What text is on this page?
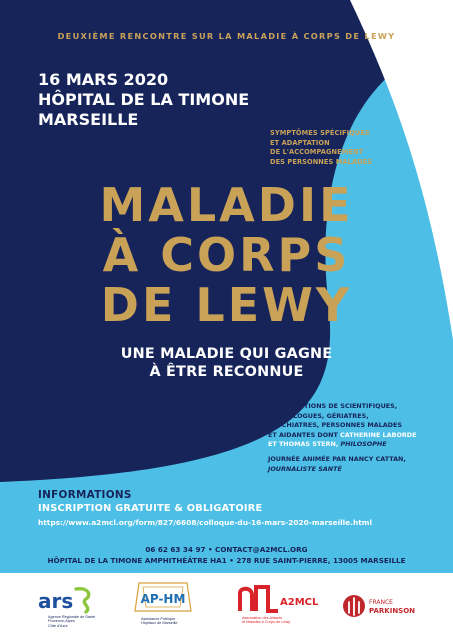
DEUXIÈME RENCONTRE SUR LA MALADIE À CORPS DE LEWY
16 MARS 2020
HÔPITAL DE LA TIMONE
MARSEILLE
SYMPTÔMES SPÉCIFIQUES
ET ADAPTATION
DE L'ACCOMPAGNEMENT
DES PERSONNES MALADES
MALADIE
À CORPS
DE LEWY
UNE MALADIE QUI GAGNE
À ÊTRE RECONNUE
INTERVENTIONS DE SCIENTIFIQUES,
NEUROLOGUES, GÉRIATRES,
PSYCHIATRES, PERSONNES MALADES
ET AIDANTES DONT CATHERINE LABORDE
ET THOMAS STERN, PHILOSOPHE
JOURNÉE ANIMÉE PAR NANCY CATTAN,
JOURNALISTE SANTÉ
INFORMATIONS
INSCRIPTION GRATUITE & OBLIGATOIRE
https://www.a2mcl.org/form/827/6608/colloque-du-16-mars-2020-marseille.html
06 62 63 34 97 • CONTACT@A2MCL.ORG
HÔPITAL DE LA TIMONE AMPHITHÉÂTRE HA1 • 278 RUE SAINT-PIERRE, 13005 MARSEILLE
ars
Agence Régionale de Santé
Provence-Alpes
Côte d'Azur
AP-HM
Assistance Publique
Hôpitaux de Marseille
A2MCL
Association des Aidants
et Malades à Corps de Lewy
FRANCE
PARKINSON
